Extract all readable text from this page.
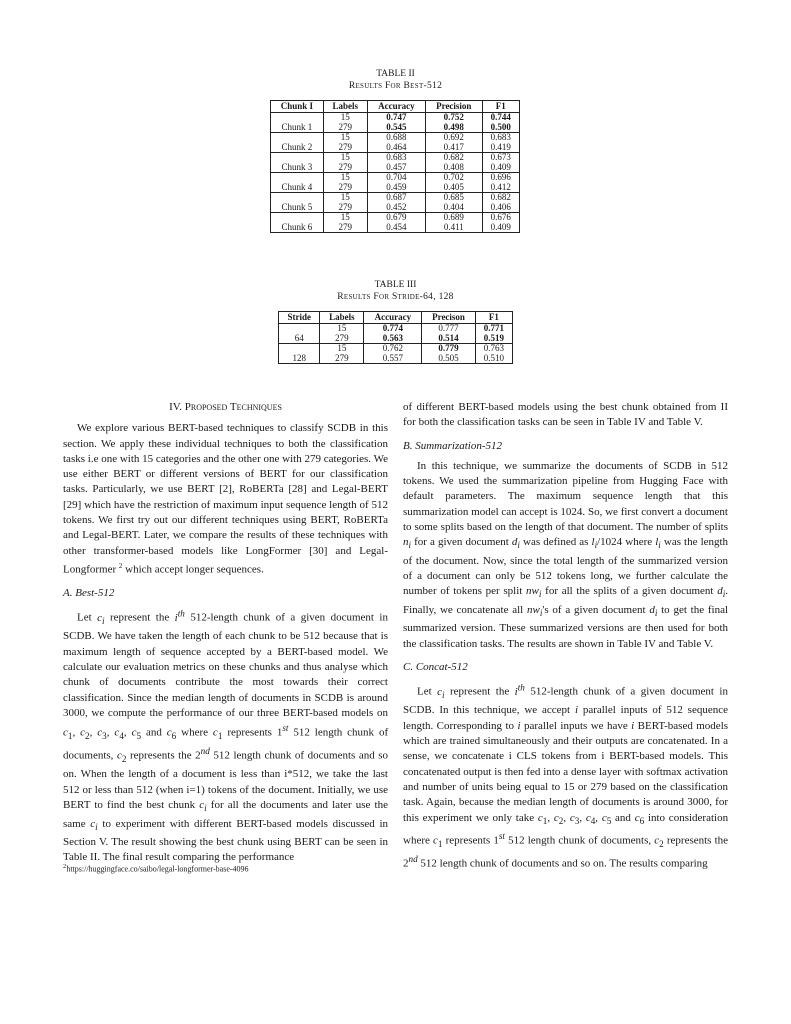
TABLE II
Results For Best-512
Chunk I	Labels	Accuracy	Precision	F1
	15	0.747	0.752	0.744
Chunk 1	279	0.545	0.498	0.500
	15	0.688	0.692	0.683
Chunk 2	279	0.464	0.417	0.419
	15	0.683	0.682	0.673
Chunk 3	279	0.457	0.408	0.409
	15	0.704	0.702	0.696
Chunk 4	279	0.459	0.405	0.412
	15	0.687	0.685	0.682
Chunk 5	279	0.452	0.404	0.406
	15	0.679	0.689	0.676
Chunk 6	279	0.454	0.411	0.409
TABLE III
Results For Stride-64, 128
Stride	Labels	Accuracy	Precison	F1
	15	0.774	0.777	0.771
64	279	0.563	0.514	0.519
	15	0.762	0.779	0.763
128	279	0.557	0.505	0.510

IV. Proposed Techniques

We explore various BERT-based techniques to classify SCDB in this section. We apply these individual techniques to both the classification tasks i.e one with 15 categories and the other one with 279 categories. We use either BERT or different versions of BERT for our classification tasks. Particularly, we use BERT [2], RoBERTa [28] and Legal-BERT [29] which have the restriction of maximum input sequence length of 512 tokens. We first try out our different techniques using BERT, RoBERTa and Legal-BERT. Later, we compare the results of these techniques with other transformer-based models like LongFormer [30] and Legal-Longformer $^2$ which accept longer sequences.

A. Best-512

Let $c_i$ represent the $i^{th}$ 512-length chunk of a given document in SCDB. We have taken the length of each chunk to be 512 because that is maximum length of sequence accepted by a BERT-based model. We calculate our evaluation metrics on these chunks and thus analyse which chunk of documents contribute the most towards their correct classification. Since the median length of documents in SCDB is around 3000, we compute the performance of our three BERT-based models on $c_1$, $c_2$, $c_3$, $c_4$, $c_5$ and $c_6$ where $c_1$ represents 1st 512 length chunk of documents, $c_2$ represents the 2nd 512 length chunk of documents and so on. When the length of a document is less than i*512, we take the last 512 or less than 512 (when i=1) tokens of the document. Initially, we use BERT to find the best chunk $c_i$ for all the documents and later use the same $c_i$ to experiment with different BERT-based models discussed in Section V. The result showing the best chunk using BERT can be seen in Table II. The final result comparing the performance

$^2$https://huggingface.co/saibo/legal-longformer-base-4096

of different BERT-based models using the best chunk obtained from II for both the classification tasks can be seen in Table IV and Table V.

B. Summarization-512

In this technique, we summarize the documents of SCDB in 512 tokens. We used the summarization pipeline from Hugging Face with default parameters. The maximum sequence length that this summarization model can accept is 1024. So, we first convert a document to some splits based on the length of that document. The number of splits $n_i$ for a given document $d_i$ was defined as $l_i/1024$ where $l_i$ was the length of the document. Now, since the total length of the summarized version of a document can only be 512 tokens long, we further calculate the number of tokens per split $nw_i$ for all the splits of a given document $d_i$. Finally, we concatenate all $nw_i's$ of a given document $d_i$ to get the final summarized version. These summarized versions are then used for both the classification tasks. The results are shown in Table IV and Table V.

C. Concat-512

Let $c_i$ represent the $i^{th}$ 512-length chunk of a given document in SCDB. In this technique, we accept i parallel inputs of 512 sequence length. Corresponding to i parallel inputs we have i BERT-based models which are trained simultaneously and their outputs are concatenated. In a sense, we concatenate i CLS tokens from i BERT-based models. This concatenated output is then fed into a dense layer with softmax activation and number of units being equal to 15 or 279 based on the classification task. Again, because the median length of documents is around 3000, for this experiment we only take $c_1$, $c_2$, $c_3$, $c_4$, $c_5$ and $c_6$ into consideration where $c_1$ represents 1st 512 length chunk of documents, $c_2$ represents the 2nd 512 length chunk of documents and so on. The results comparing
